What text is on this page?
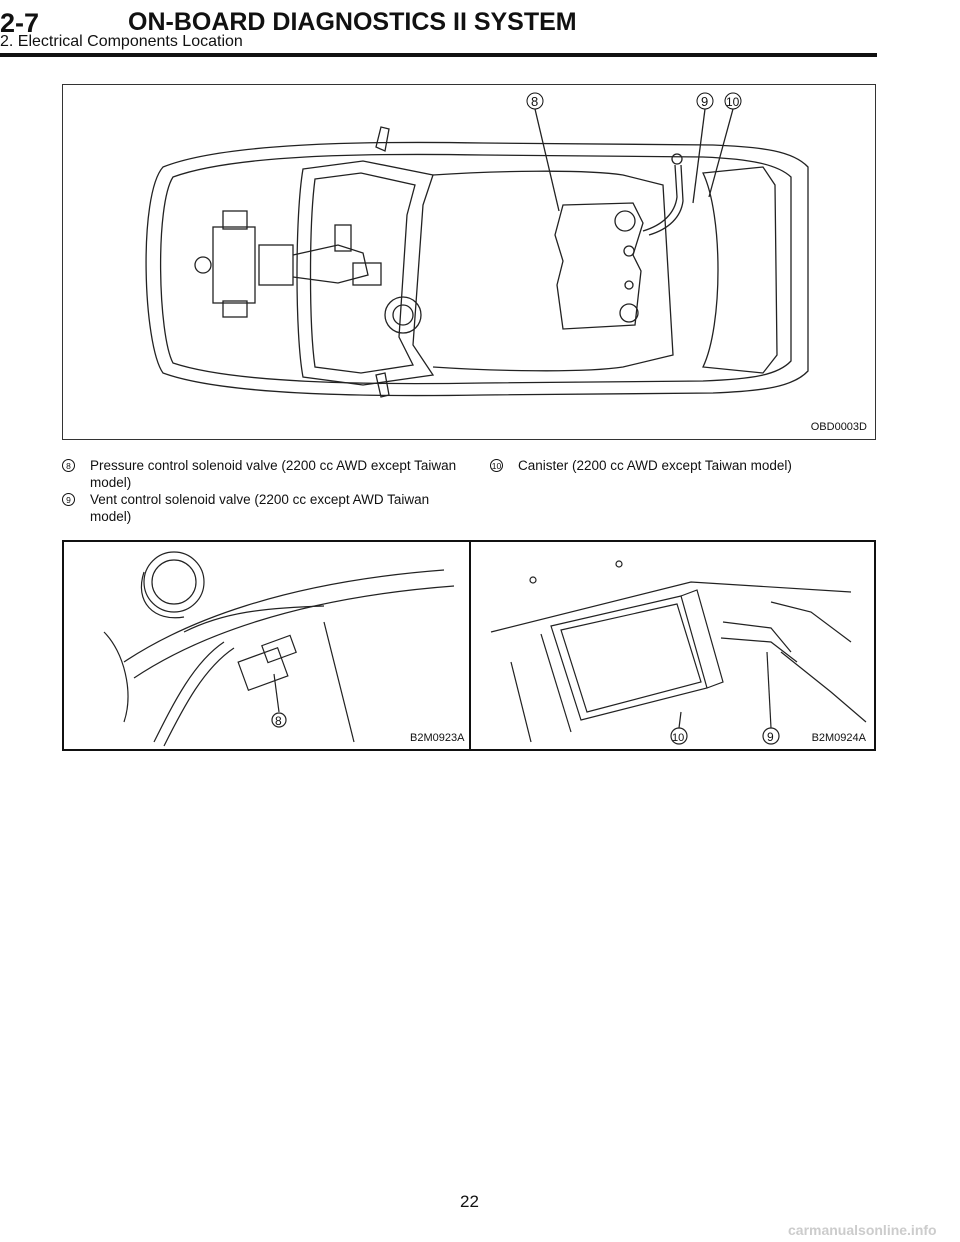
2-7	ON-BOARD DIAGNOSTICS II SYSTEM
2. Electrical Components Location
8	9 10
OBD0003D
8	Pressure control solenoid valve (2200 cc AWD except Taiwan model)
9	Vent control solenoid valve (2200 cc except AWD Taiwan model)
10 Canister (2200 cc AWD except Taiwan model)
8
B2M0923A	10	9	B2M0924A
22
carmanualsonline.info
